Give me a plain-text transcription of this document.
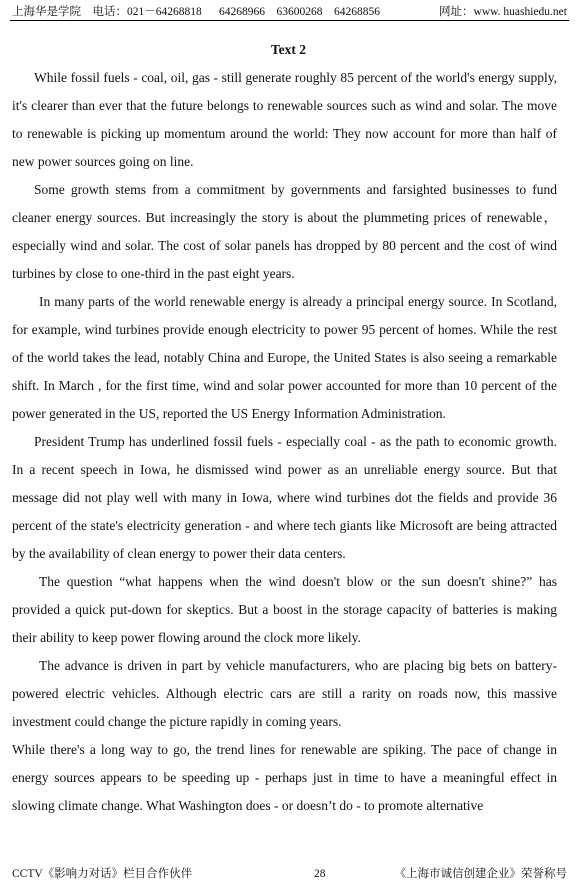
上海华是学院    电话：021－64268818      64268966    63600268    64268856	网址：www. huashiedu.net
Text 2

While fossil fuels - coal, oil, gas - still generate roughly 85 percent of the world's energy supply, it's clearer than ever that the future belongs to renewable sources such as wind and solar. The move to renewable is picking up momentum around the world: They now account for more than half of new power sources going on line.

Some growth stems from a commitment by governments and farsighted businesses to fund cleaner energy sources. But increasingly the story is about the plummeting prices of renewable，especially wind and solar. The cost of solar panels has dropped by 80 percent and the cost of wind turbines by close to one-third in the past eight years.

In many parts of the world renewable energy is already a principal energy source. In Scotland, for example, wind turbines provide enough electricity to power 95 percent of homes. While the rest of the world takes the lead, notably China and Europe, the United States is also seeing a remarkable shift. In March , for the first time, wind and solar power accounted for more than 10 percent of the power generated in the US, reported the US Energy Information Administration.

President Trump has underlined fossil fuels - especially coal - as the path to economic growth. In a recent speech in Iowa, he dismissed wind power as an unreliable energy source. But that message did not play well with many in Iowa, where wind turbines dot the fields and provide 36 percent of the state's electricity generation - and where tech giants like Microsoft are being attracted by the availability of clean energy to power their data centers.

The question “what happens when the wind doesn't blow or the sun doesn't shine?” has provided a quick put-down for skeptics. But a boost in the storage capacity of batteries is making their ability to keep power flowing around the clock more likely.

The advance is driven in part by vehicle manufacturers, who are placing big bets on battery-powered electric vehicles. Although electric cars are still a rarity on roads now, this massive investment could change the picture rapidly in coming years.

While there's a long way to go, the trend lines for renewable are spiking. The pace of change in energy sources appears to be speeding up - perhaps just in time to have a meaningful effect in slowing climate change. What Washington does - or doesn’t do - to promote alternative

CCTV《影响力对话》栏目合作伙伴	28	《上海市诚信创建企业》荣誉称号
